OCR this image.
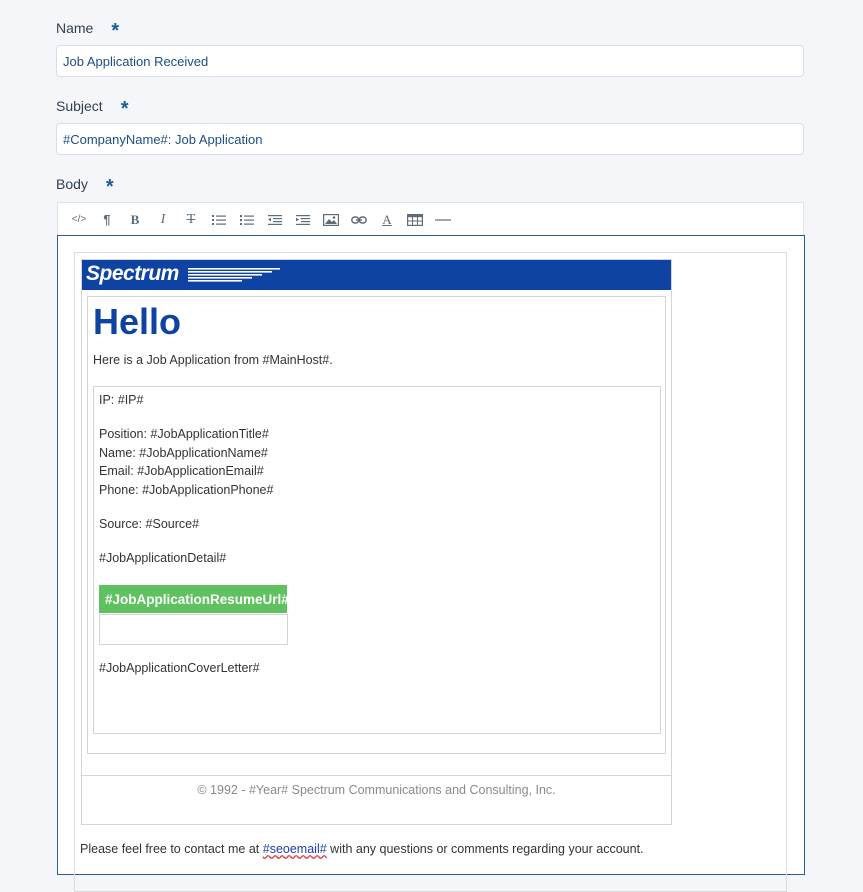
Name *
Job Application Received
Subject *
#CompanyName#: Job Application
Body *
</> ¶ B I T	A
Spectrum
Hello
Here is a Job Application from #MainHost#.
IP: #IP#
Position: #JobApplicationTitle#
Name: #JobApplicationName#
Email: #JobApplicationEmail#
Phone: #JobApplicationPhone#
Source: #Source#
#JobApplicationDetail#
#JobApplicationResumeUrl#
#JobApplicationCoverLetter#
© 1992 - #Year# Spectrum Communications and Consulting, Inc.
Please feel free to contact me at #seoemail# with any questions or comments regarding your account.
